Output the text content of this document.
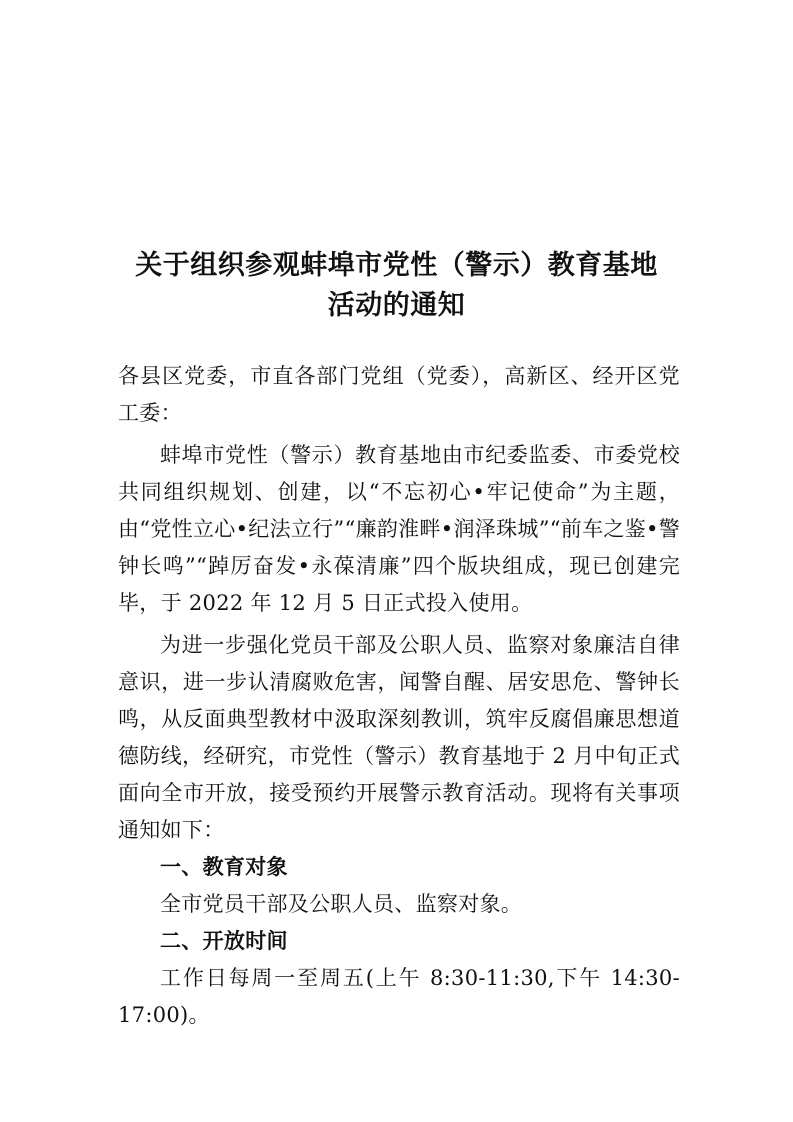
关于组织参观蚌埠市党性（警示）教育基地
活动的通知

各县区党委，市直各部门党组（党委），高新区、经开区党工委：

蚌埠市党性（警示）教育基地由市纪委监委、市委党校共同组织规划、创建，以“不忘初心•牢记使命”为主题，由“党性立心•纪法立行”“廉韵淮畔•润泽珠城”“前车之鉴•警钟长鸣”“踔厉奋发•永葆清廉”四个版块组成，现已创建完毕，于 2022 年 12 月 5 日正式投入使用。

为进一步强化党员干部及公职人员、监察对象廉洁自律意识，进一步认清腐败危害，闻警自醒、居安思危、警钟长鸣，从反面典型教材中汲取深刻教训，筑牢反腐倡廉思想道德防线，经研究，市党性（警示）教育基地于 2 月中旬正式面向全市开放，接受预约开展警示教育活动。现将有关事项通知如下：

一、教育对象

全市党员干部及公职人员、监察对象。

二、开放时间

工作日每周一至周五(上午 8:30-11:30,下午 14:30-17:00)。
